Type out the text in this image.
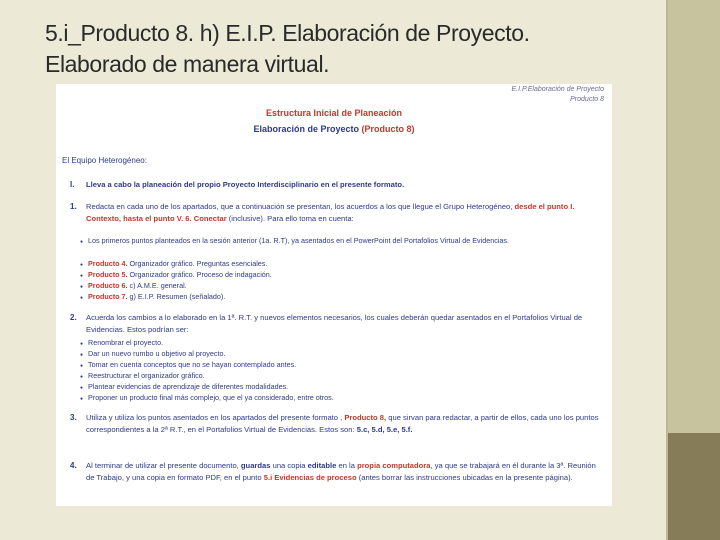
5.i_Producto 8. h) E.I.P. Elaboración de Proyecto.
Elaborado de manera virtual.
E.I.P.Elaboración de Proyecto
Producto 8
Estructura Inicial de Planeación
Elaboración de Proyecto (Producto 8)
El Equipo Heterogéneo:
I. Lleva a cabo la planeación del propio Proyecto Interdisciplinario en el presente formato.
1. Redacta en cada uno de los apartados, que a continuación se presentan, los acuerdos a los que llegue el Grupo Heterogéneo, desde el punto I. Contexto, hasta el punto V. 6. Conectar (inclusive). Para ello toma en cuenta:
● Los primeros puntos planteados en la sesión anterior (1a. R.T), ya asentados en el PowerPoint del Portafolios Virtual de Evidencias.
● Producto 4. Organizador gráfico. Preguntas esenciales.
● Producto 5. Organizador gráfico. Proceso de indagación.
● Producto 6. c) A.M.E. general.
● Producto 7. g) E.I.P. Resumen (señalado).
2. Acuerda los cambios a lo elaborado en la 1ª. R.T. y nuevos elementos necesarios, los cuales deberán quedar asentados en el Portafolios Virtual de Evidencias. Estos podrían ser:
● Renombrar el proyecto.
● Dar un nuevo rumbo u objetivo al proyecto.
● Tomar en cuenta conceptos que no se hayan contemplado antes.
● Reestructurar el organizador gráfico.
● Plantear evidencias de aprendizaje de diferentes modalidades.
● Proponer un producto final más complejo, que el ya considerado, entre otros.
3. Utiliza y utiliza los puntos asentados en los apartados del presente formato , Producto 8, que sirvan para redactar, a partir de ellos, cada uno los puntos correspondientes a la 2ª R.T., en el Portafolios Virtual de Evidencias. Estos son: 5.c, 5.d, 5.e, 5.f.
4. Al terminar de utilizar el presente documento, guardas una copia editable en la propia computadora, ya que se trabajará en él durante la 3ª. Reunión de Trabajo, y una copia en formato PDF, en el punto 5.i Evidencias de proceso (antes borrar las instrucciones ubicadas en la presente página).
